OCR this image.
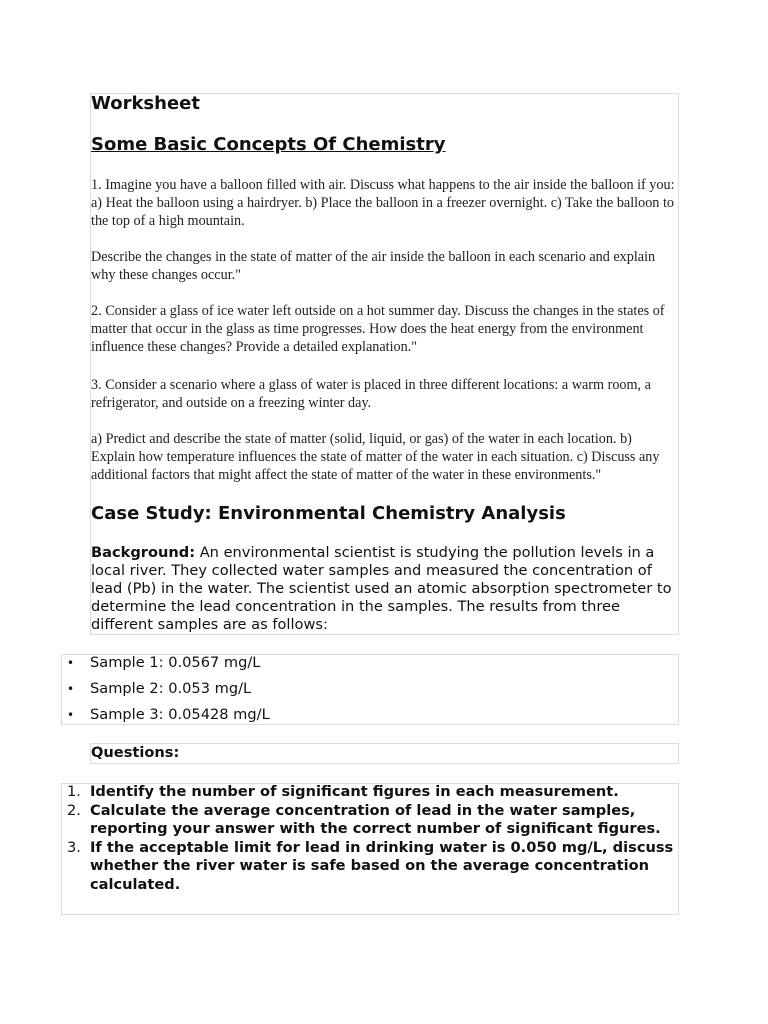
Worksheet
Some Basic Concepts Of Chemistry

1. Imagine you have a balloon filled with air. Discuss what happens to the air inside the balloon if you: a) Heat the balloon using a hairdryer. b) Place the balloon in a freezer overnight. c) Take the balloon to the top of a high mountain.

Describe the changes in the state of matter of the air inside the balloon in each scenario and explain why these changes occur."

2. Consider a glass of ice water left outside on a hot summer day. Discuss the changes in the states of matter that occur in the glass as time progresses. How does the heat energy from the environment influence these changes? Provide a detailed explanation."

3. Consider a scenario where a glass of water is placed in three different locations: a warm room, a refrigerator, and outside on a freezing winter day.

a) Predict and describe the state of matter (solid, liquid, or gas) of the water in each location. b) Explain how temperature influences the state of matter of the water in each situation. c) Discuss any additional factors that might affect the state of matter of the water in these environments."

Case Study: Environmental Chemistry Analysis

Background: An environmental scientist is studying the pollution levels in a local river. They collected water samples and measured the concentration of lead (Pb) in the water. The scientist used an atomic absorption spectrometer to determine the lead concentration in the samples. The results from three different samples are as follows:

• Sample 1: 0.0567 mg/L
• Sample 2: 0.053 mg/L
• Sample 3: 0.05428 mg/L
Questions:
1. Identify the number of significant figures in each measurement.
2. Calculate the average concentration of lead in the water samples, reporting your answer with the correct number of significant figures.
3. If the acceptable limit for lead in drinking water is 0.050 mg/L, discuss whether the river water is safe based on the average concentration calculated.
